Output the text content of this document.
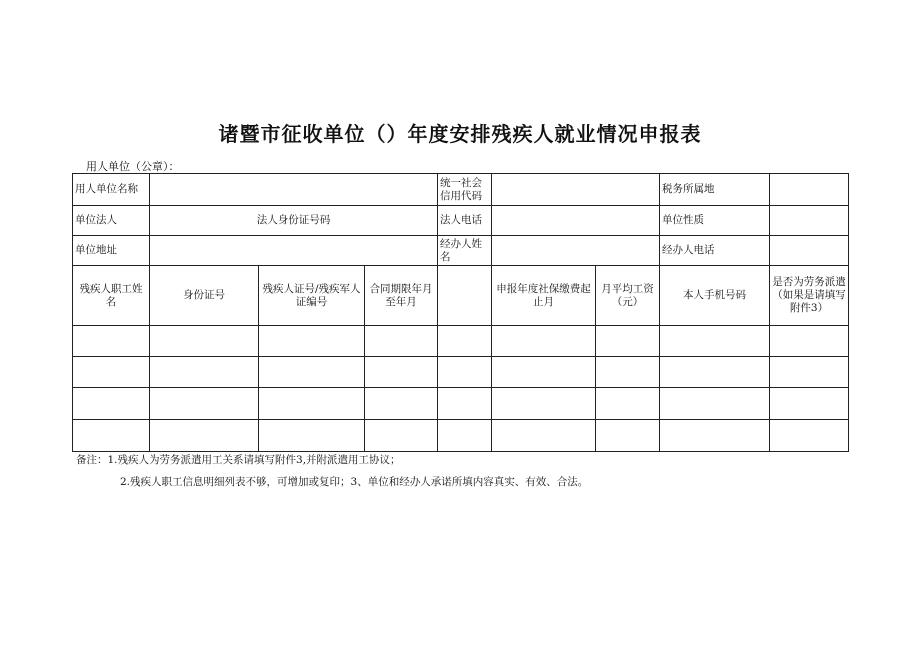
诸暨市征收单位（）年度安排残疾人就业情况申报表
用人单位（公章）：
用人单位名称				统一社会信用代码			税务所属地	
单位法人	法人身份证号码			法人电话			单位性质	
单位地址				经办人姓名			经办人电话	
残疾人职工姓名	身份证号	残疾人证号/残疾军人证编号	合同期限年月至年月		申报年度社保缴费起止月	月平均工资（元）	本人手机号码	是否为劳务派遣（如果是请填写附件3）

备注：1.残疾人为劳务派遣用工关系请填写附件3,并附派遣用工协议；
2.残疾人职工信息明细列表不够，可增加或复印；3、单位和经办人承诺所填内容真实、有效、合法。
